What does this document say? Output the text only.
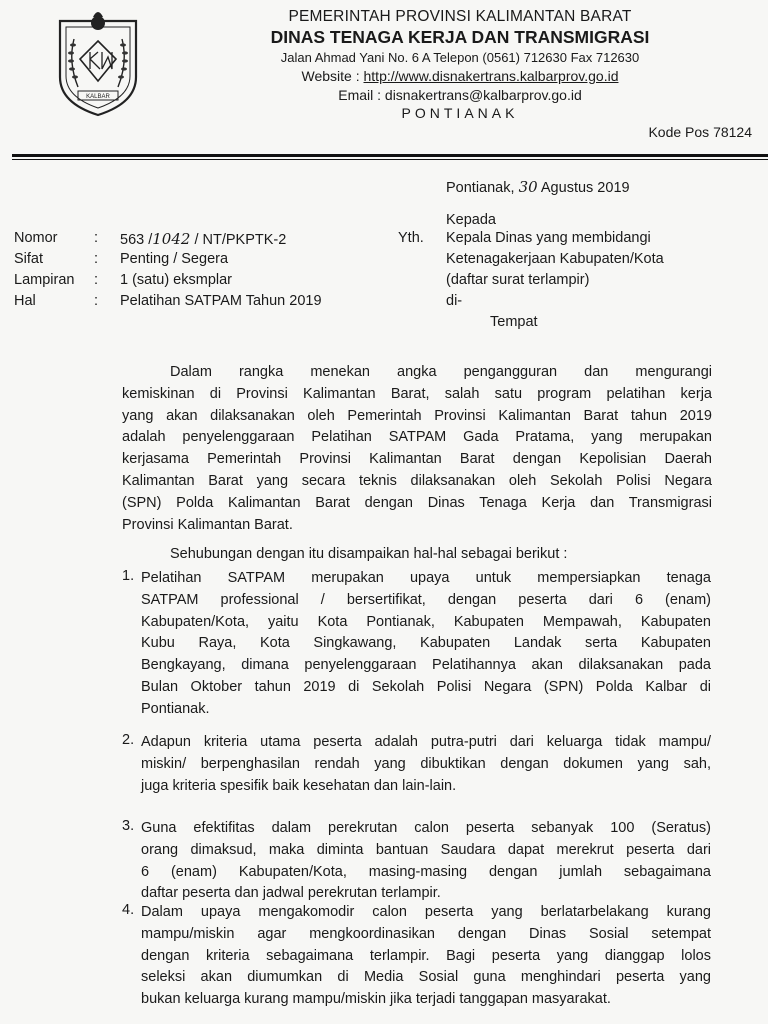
KALBAR
PEMERINTAH PROVINSI KALIMANTAN BARAT
DINAS TENAGA KERJA DAN TRANSMIGRASI
Jalan Ahmad Yani No. 6 A Telepon (0561) 712630 Fax 712630
Website : http://www.disnakertrans.kalbarprov.go.id
Email : disnakertrans@kalbarprov.go.id
PONTIANAK
Kode Pos 78124
Pontianak, 30 Agustus 2019
Kepada
Yth. Kepala Dinas yang membidangi
Ketenagakerjaan Kabupaten/Kota
(daftar surat terlampir)
di-
Tempat
Nomor	: 563 /1042 / NT/PKPTK-2
Sifat	: Penting / Segera
Lampiran : 1 (satu) eksmplar
Hal	: Pelatihan SATPAM Tahun 2019
Dalam rangka menekan angka pengangguran dan mengurangi
kemiskinan di Provinsi Kalimantan Barat, salah satu program pelatihan kerja
yang akan dilaksanakan oleh Pemerintah Provinsi Kalimantan Barat tahun 2019
adalah penyelenggaraan Pelatihan SATPAM Gada Pratama, yang merupakan
kerjasama Pemerintah Provinsi Kalimantan Barat dengan Kepolisian Daerah
Kalimantan Barat yang secara teknis dilaksanakan oleh Sekolah Polisi Negara
(SPN) Polda Kalimantan Barat dengan Dinas Tenaga Kerja dan Transmigrasi
Provinsi Kalimantan Barat.
Sehubungan dengan itu disampaikan hal-hal sebagai berikut :
1. Pelatihan SATPAM merupakan upaya untuk mempersiapkan tenaga
SATPAM professional / bersertifikat, dengan peserta dari 6 (enam)
Kabupaten/Kota, yaitu Kota Pontianak, Kabupaten Mempawah, Kabupaten
Kubu Raya, Kota Singkawang, Kabupaten Landak serta Kabupaten
Bengkayang, dimana penyelenggaraan Pelatihannya akan dilaksanakan pada
Bulan Oktober tahun 2019 di Sekolah Polisi Negara (SPN) Polda Kalbar di
Pontianak.
2. Adapun kriteria utama peserta adalah putra-putri dari keluarga tidak mampu/
miskin/ berpenghasilan rendah yang dibuktikan dengan dokumen yang sah,
juga kriteria spesifik baik kesehatan dan lain-lain.
3. Guna efektifitas dalam perekrutan calon peserta sebanyak 100 (Seratus)
orang dimaksud, maka diminta bantuan Saudara dapat merekrut peserta dari
6 (enam) Kabupaten/Kota, masing-masing dengan jumlah sebagaimana
daftar peserta dan jadwal perekrutan terlampir.
4. Dalam upaya mengakomodir calon peserta yang berlatarbelakang kurang
mampu/miskin agar mengkoordinasikan dengan Dinas Sosial setempat
dengan kriteria sebagaimana terlampir. Bagi peserta yang dianggap lolos
seleksi akan diumumkan di Media Sosial guna menghindari peserta yang
bukan keluarga kurang mampu/miskin jika terjadi tanggapan masyarakat.
